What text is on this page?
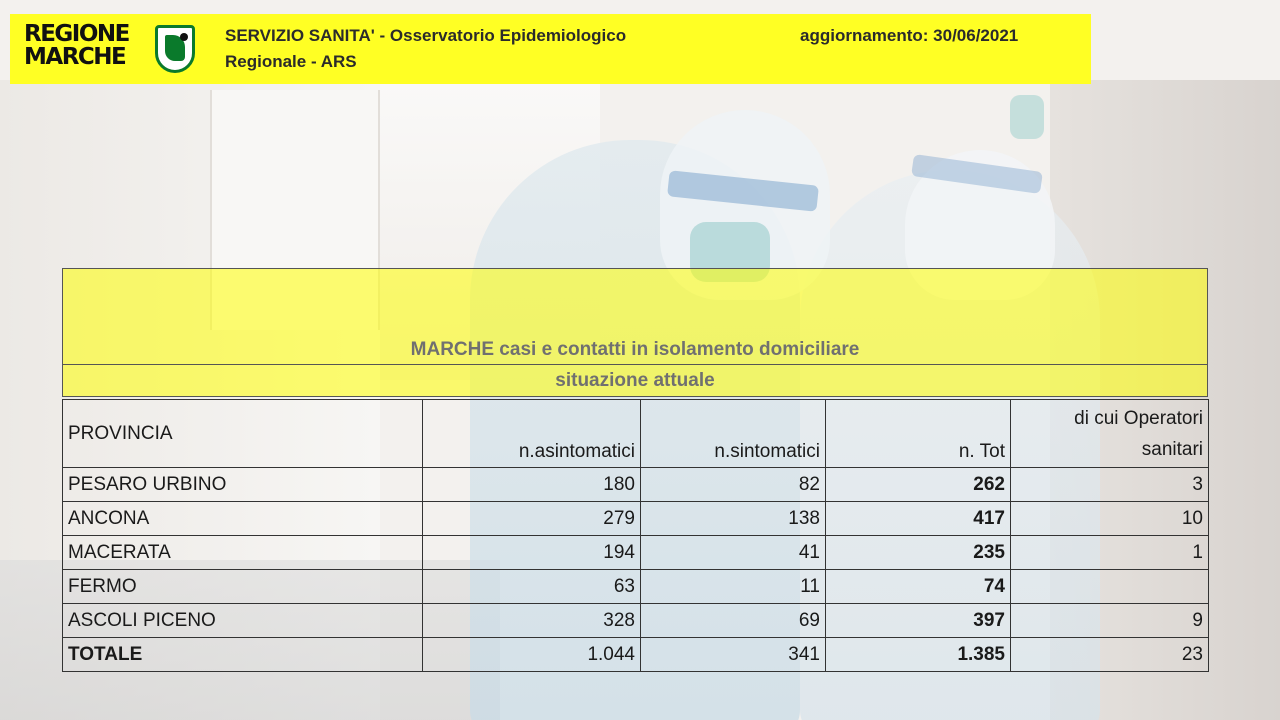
REGIONE
MARCHE
SERVIZIO SANITA' - Osservatorio Epidemiologico
Regionale - ARS
aggiornamento: 30/06/2021
MARCHE casi e contatti in isolamento domiciliare
situazione attuale
PROVINCIA	n.asintomatici	n.sintomatici	n. Tot	di cui Operatori sanitari
PESARO URBINO	180	82	262	3
ANCONA	279	138	417	10
MACERATA	194	41	235	1
FERMO	63	11	74	
ASCOLI PICENO	328	69	397	9
TOTALE	1.044	341	1.385	23
